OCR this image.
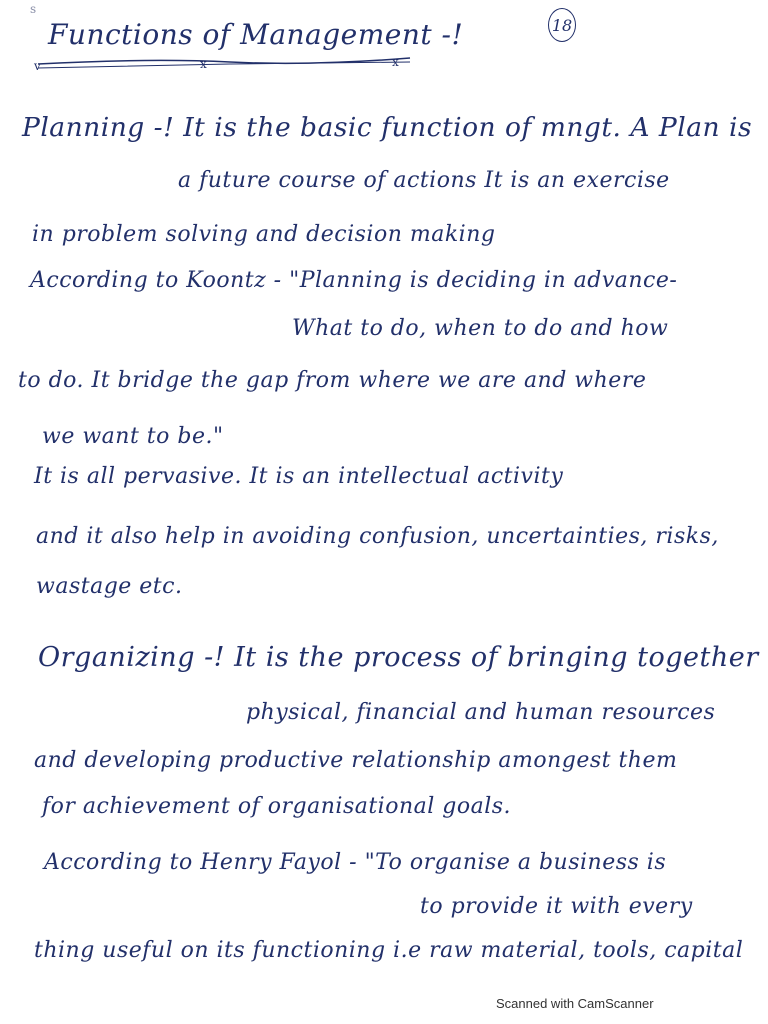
s
18
Functions of Management -!
v	x	x
Planning -! It is the basic function of mngt. A Plan is
a future course of actions It is an exercise
in problem solving and decision making
According to Koontz - "Planning is deciding in advance-
What to do, when to do and how
to do. It bridge the gap from where we are and where
we want to be."
It is all pervasive. It is an intellectual activity
and it also help in avoiding confusion, uncertainties, risks,
wastage etc.
Organizing -! It is the process of bringing together
physical, financial and human resources
and developing productive relationship amongest them
for achievement of organisational goals.
According to Henry Fayol - "To organise a business is
to provide it with every
thing useful on its functioning i.e raw material, tools, capital
Scanned with CamScanner
